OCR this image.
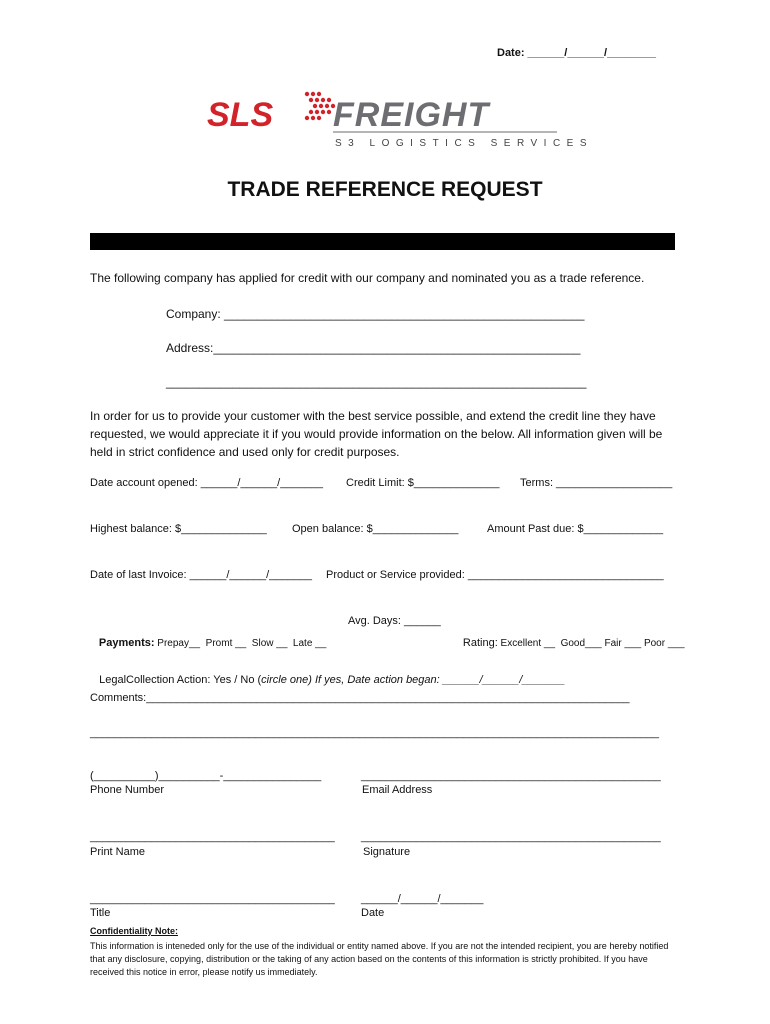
Date: ______/______/________
SLS FREIGHT
S3 LOGISTICS SERVICES
TRADE REFERENCE REQUEST
The following company has applied for credit with our company and nominated you as a trade reference.
Company: ______________________________________________________
Address:_______________________________________________________
_______________________________________________________________
In order for us to provide your customer with the best service possible, and extend the credit line they have requested, we would appreciate it if you would provide information on the below. All information given will be held in strict confidence and used only for credit purposes.
Date account opened: ______/______/_______ Credit Limit: $______________ Terms: ___________________
Highest balance: $______________ Open balance: $______________	Amount Past due: $_____________
Date of last Invoice: ______/______/_______ Product or Service provided: ________________________________

Payments: Prepay__  Promt __  Slow __  Late __

Avg. Days: ______

Rating: Excellent __  Good___ Fair ___ Poor ___

LegalCollection Action: Yes / No (circle one) If yes, Date action began: ______/______/_______

Comments:_______________________________________________________________________________
_____________________________________________________________________________________________
(__________)__________-________________
Phone Number
_________________________________________________
Email Address
________________________________________
Print Name
_________________________________________________
Signature
________________________________________
Title
______/______/_______
Date
Confidentiality Note:
This information is inteneded only for the use of the individual or entity named above. If you are not the intended recipient, you are hereby notified that any disclosure, copying, distribution or the taking of any action based on the contents of this information is strictly prohibited. If you have received this notice in error, please notify us immediately.
